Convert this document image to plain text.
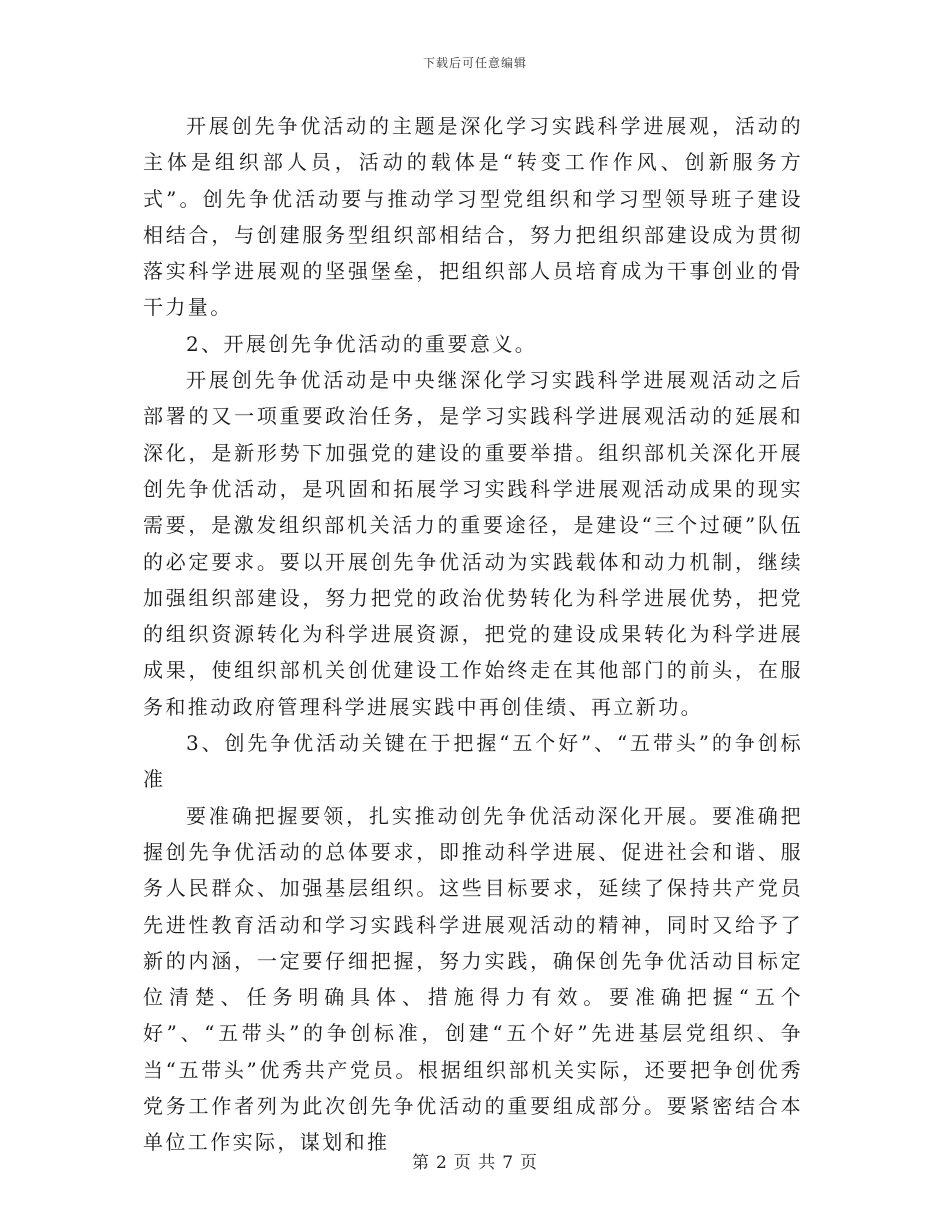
下载后可任意编辑

开展创先争优活动的主题是深化学习实践科学进展观，活动的主体是组织部人员，活动的载体是“转变工作作风、创新服务方式”。创先争优活动要与推动学习型党组织和学习型领导班子建设相结合，与创建服务型组织部相结合，努力把组织部建设成为贯彻落实科学进展观的坚强堡垒，把组织部人员培育成为干事创业的骨干力量。

2、开展创先争优活动的重要意义。

开展创先争优活动是中央继深化学习实践科学进展观活动之后部署的又一项重要政治任务，是学习实践科学进展观活动的延展和深化，是新形势下加强党的建设的重要举措。组织部机关深化开展创先争优活动，是巩固和拓展学习实践科学进展观活动成果的现实需要，是激发组织部机关活力的重要途径，是建设“三个过硬”队伍的必定要求。要以开展创先争优活动为实践载体和动力机制，继续加强组织部建设，努力把党的政治优势转化为科学进展优势，把党的组织资源转化为科学进展资源，把党的建设成果转化为科学进展成果，使组织部机关创优建设工作始终走在其他部门的前头，在服务和推动政府管理科学进展实践中再创佳绩、再立新功。

3、创先争优活动关键在于把握“五个好”、“五带头”的争创标准

要准确把握要领，扎实推动创先争优活动深化开展。要准确把握创先争优活动的总体要求，即推动科学进展、促进社会和谐、服务人民群众、加强基层组织。这些目标要求，延续了保持共产党员先进性教育活动和学习实践科学进展观活动的精神，同时又给予了新的内涵，一定要仔细把握，努力实践，确保创先争优活动目标定位清楚、任务明确具体、措施得力有效。要准确把握“五个好”、“五带头”的争创标准，创建“五个好”先进基层党组织、争当“五带头”优秀共产党员。根据组织部机关实际，还要把争创优秀党务工作者列为此次创先争优活动的重要组成部分。要紧密结合本单位工作实际，谋划和推

第 2 页 共 7 页
